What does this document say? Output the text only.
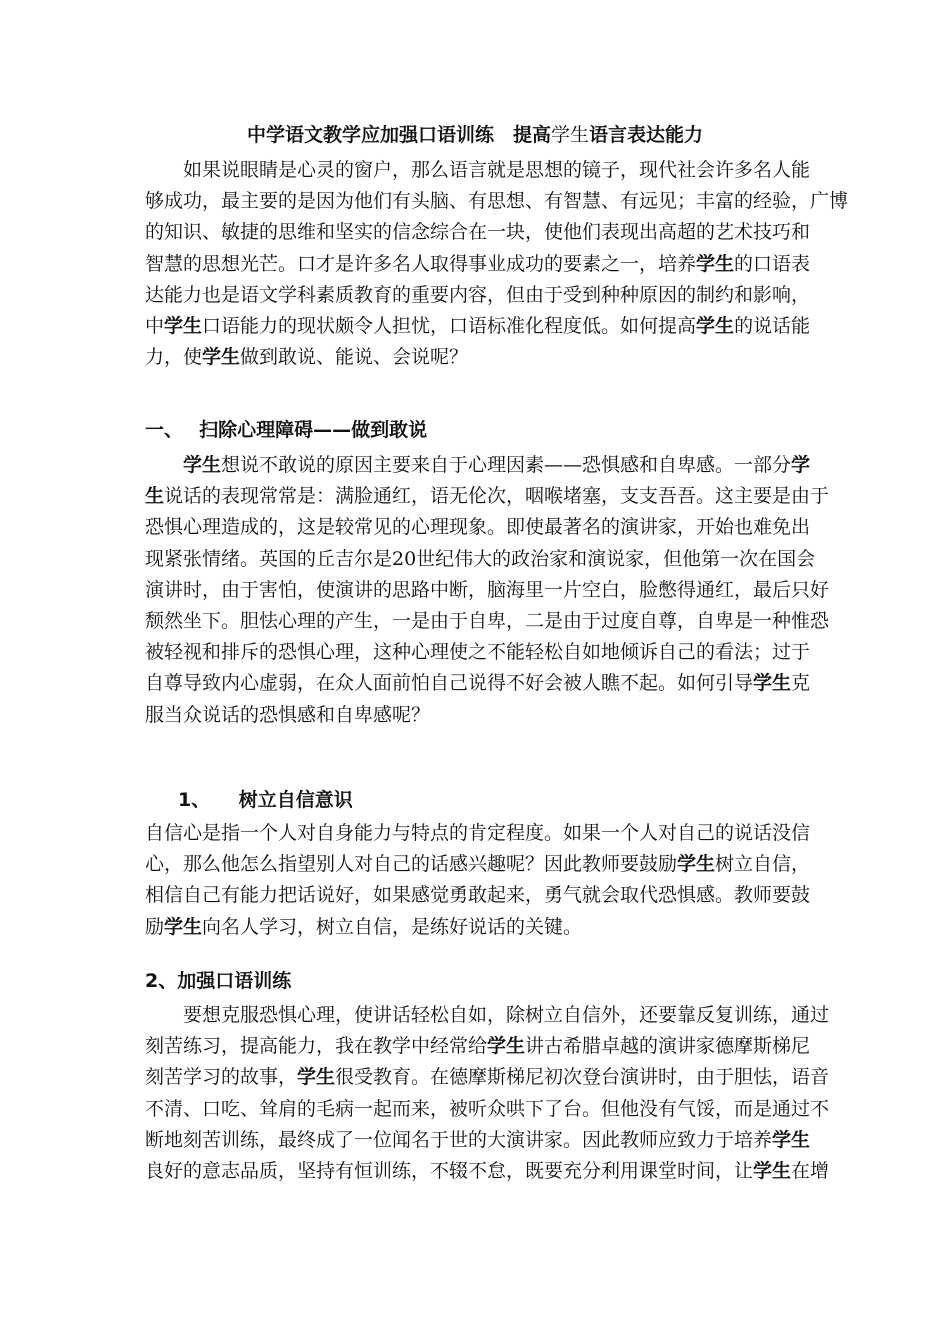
中学语文教学应加强口语训练　提高学生语言表达能力
　　如果说眼睛是心灵的窗户，那么语言就是思想的镜子，现代社会许多名人能
够成功，最主要的是因为他们有头脑、有思想、有智慧、有远见；丰富的经验，广博
的知识、敏捷的思维和坚实的信念综合在一块，使他们表现出高超的艺术技巧和
智慧的思想光芒。口才是许多名人取得事业成功的要素之一，培养学生的口语表
达能力也是语文学科素质教育的重要内容，但由于受到种种原因的制约和影响，
中学生口语能力的现状颇令人担忧，口语标准化程度低。如何提高学生的说话能
力，使学生做到敢说、能说、会说呢？
一、　 扫除心理障碍——做到敢说
　　学生想说不敢说的原因主要来自于心理因素——恐惧感和自卑感。一部分学
生说话的表现常常是：满脸通红，语无伦次，咽喉堵塞，支支吾吾。这主要是由于
恐惧心理造成的，这是较常见的心理现象。即使最著名的演讲家，开始也难免出
现紧张情绪。英国的丘吉尔是20世纪伟大的政治家和演说家，但他第一次在国会
演讲时，由于害怕，使演讲的思路中断，脑海里一片空白，脸憋得通红，最后只好
颓然坐下。胆怯心理的产生，一是由于自卑，二是由于过度自尊，自卑是一种惟恐
被轻视和排斥的恐惧心理，这种心理使之不能轻松自如地倾诉自己的看法；过于
自尊导致内心虚弱，在众人面前怕自己说得不好会被人瞧不起。如何引导学生克
服当众说话的恐惧感和自卑感呢？
1、　　树立自信意识
自信心是指一个人对自身能力与特点的肯定程度。如果一个人对自己的说话没信
心，那么他怎么指望别人对自己的话感兴趣呢？因此教师要鼓励学生树立自信，
相信自己有能力把话说好，如果感觉勇敢起来，勇气就会取代恐惧感。教师要鼓
励学生向名人学习，树立自信，是练好说话的关键。
2、加强口语训练
　　要想克服恐惧心理，使讲话轻松自如，除树立自信外，还要靠反复训练，通过
刻苦练习，提高能力，我在教学中经常给学生讲古希腊卓越的演讲家德摩斯梯尼
刻苦学习的故事，学生很受教育。在德摩斯梯尼初次登台演讲时，由于胆怯，语音
不清、口吃、耸肩的毛病一起而来，被听众哄下了台。但他没有气馁，而是通过不
断地刻苦训练，最终成了一位闻名于世的大演讲家。因此教师应致力于培养学生
良好的意志品质，坚持有恒训练，不辍不怠，既要充分利用课堂时间，让学生在增
